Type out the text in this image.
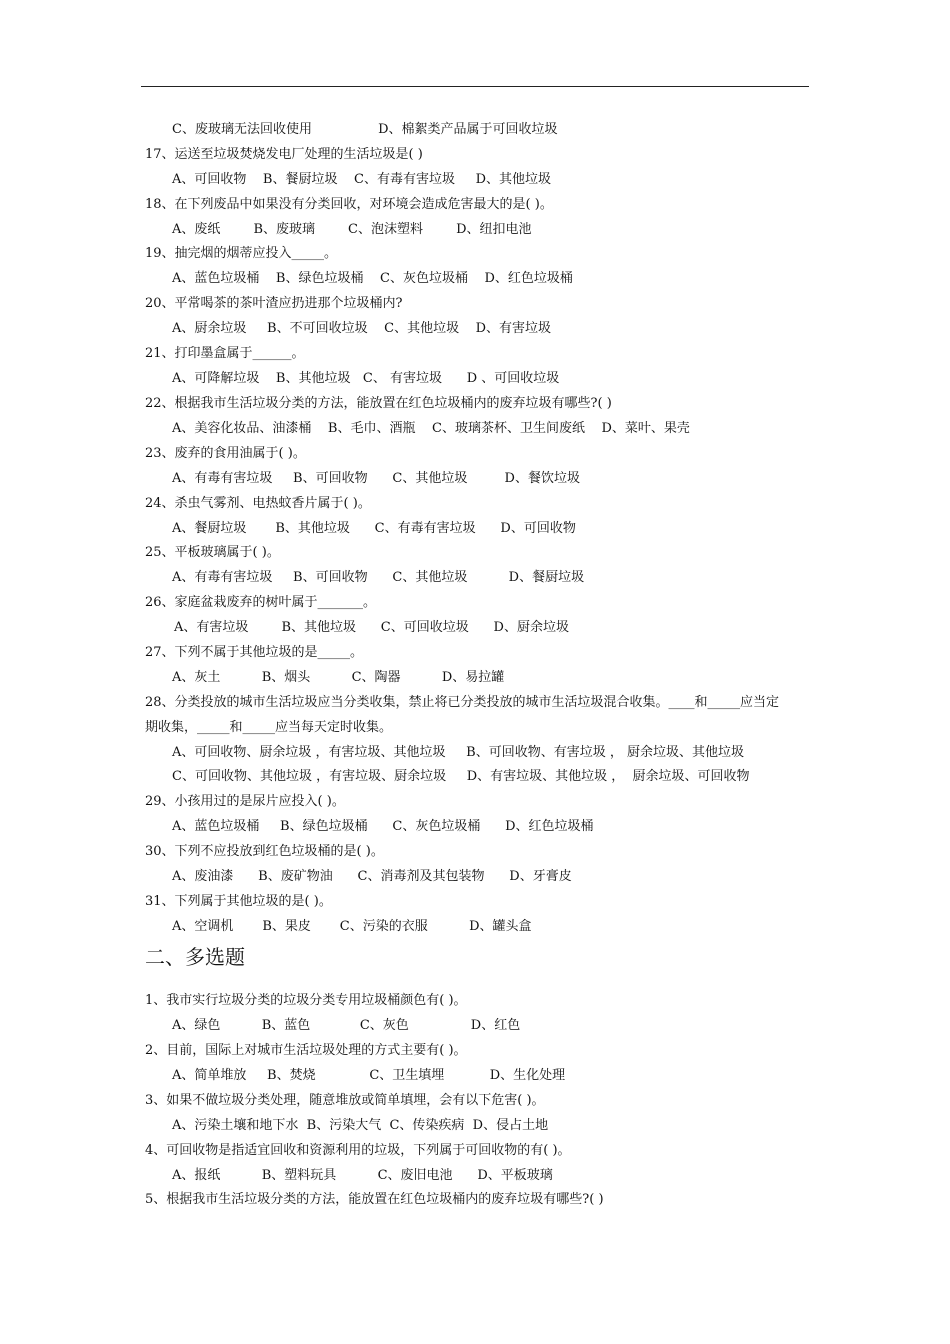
C、废玻璃无法回收使用                D、棉絮类产品属于可回收垃圾
17、运送至垃圾焚烧发电厂处理的生活垃圾是( )
A、可回收物    B、餐厨垃圾    C、有毒有害垃圾     D、其他垃圾
18、在下列废品中如果没有分类回收，对环境会造成危害最大的是( )。
A、废纸        B、废玻璃        C、泡沫塑料        D、纽扣电池
19、抽完烟的烟蒂应投入_____。
A、蓝色垃圾桶    B、绿色垃圾桶    C、灰色垃圾桶    D、红色垃圾桶
20、平常喝茶的茶叶渣应扔进那个垃圾桶内?
A、厨余垃圾     B、不可回收垃圾    C、其他垃圾    D、有害垃圾
21、打印墨盒属于______。
A、可降解垃圾    B、其他垃圾   C、 有害垃圾      D 、可回收垃圾
22、根据我市生活垃圾分类的方法，能放置在红色垃圾桶内的废弃垃圾有哪些?( )
A、美容化妆品、油漆桶    B、毛巾、酒瓶    C、玻璃茶杯、卫生间废纸    D、菜叶、果壳
23、废弃的食用油属于( )。
A、有毒有害垃圾     B、可回收物      C、其他垃圾         D、餐饮垃圾
24、杀虫气雾剂、电热蚊香片属于( )。
A、餐厨垃圾       B、其他垃圾      C、有毒有害垃圾      D、可回收物
25、平板玻璃属于( )。
A、有毒有害垃圾     B、可回收物      C、其他垃圾          D、餐厨垃圾
26、家庭盆栽废弃的树叶属于_______。
A、有害垃圾        B、其他垃圾      C、可回收垃圾      D、厨余垃圾
27、下列不属于其他垃圾的是_____。
A、灰土          B、烟头          C、陶器          D、易拉罐
28、分类投放的城市生活垃圾应当分类收集，禁止将已分类投放的城市生活垃圾混合收集。____和_____应当定
期收集，_____和_____应当每天定时收集。
A、可回收物、厨余垃圾 ，有害垃圾、其他垃圾     B、可回收物、有害垃圾 ， 厨余垃圾、其他垃圾
C、可回收物、其他垃圾 ，有害垃圾、厨余垃圾     D、有害垃圾、其他垃圾 ，  厨余垃圾、可回收物
29、小孩用过的是尿片应投入( )。
A、蓝色垃圾桶     B、绿色垃圾桶      C、灰色垃圾桶      D、红色垃圾桶
30、下列不应投放到红色垃圾桶的是( )。
A、废油漆      B、废矿物油      C、消毒剂及其包装物      D、牙膏皮
31、下列属于其他垃圾的是( )。
A、空调机       B、果皮       C、污染的衣服          D、罐头盒
二、多选题
1、我市实行垃圾分类的垃圾分类专用垃圾桶颜色有( )。
A、绿色          B、蓝色            C、灰色               D、红色
2、目前，国际上对城市生活垃圾处理的方式主要有( )。
A、简单堆放     B、焚烧             C、卫生填埋           D、生化处理
3、如果不做垃圾分类处理，随意堆放或简单填埋，会有以下危害( )。
A、污染土壤和地下水  B、污染大气  C、传染疾病  D、侵占土地
4、可回收物是指适宜回收和资源利用的垃圾，下列属于可回收物的有( )。
A、报纸          B、塑料玩具          C、废旧电池      D、平板玻璃
5、根据我市生活垃圾分类的方法，能放置在红色垃圾桶内的废弃垃圾有哪些?( )
